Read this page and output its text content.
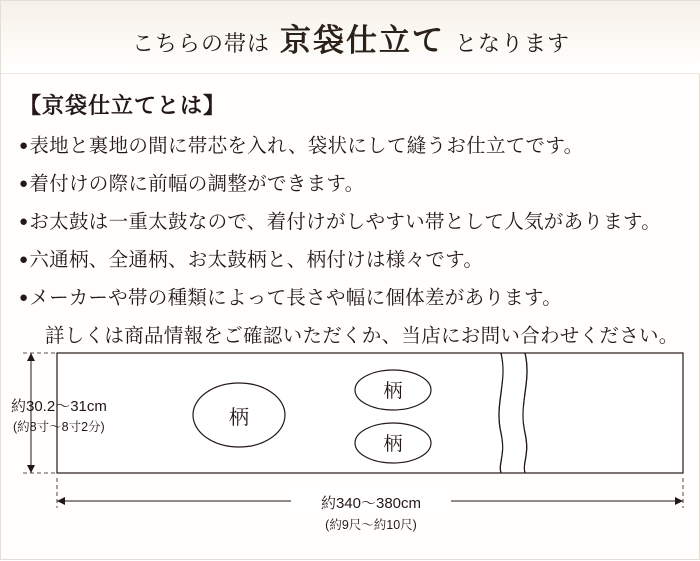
こちらの帯は 京袋仕立て となります
【京袋仕立てとは】
●表地と裏地の間に帯芯を入れ、袋状にして縫うお仕立てです。
●着付けの際に前幅の調整ができます。
●お太鼓は一重太鼓なので、着付けがしやすい帯として人気があります。
●六通柄、全通柄、お太鼓柄と、柄付けは様々です。
●メーカーや帯の種類によって長さや幅に個体差があります。
詳しくは商品情報をご確認いただくか、当店にお問い合わせください。
柄
柄
柄
約30.2〜31cm
(約8寸〜8寸2分)
約340〜380cm
(約9尺〜約10尺)
